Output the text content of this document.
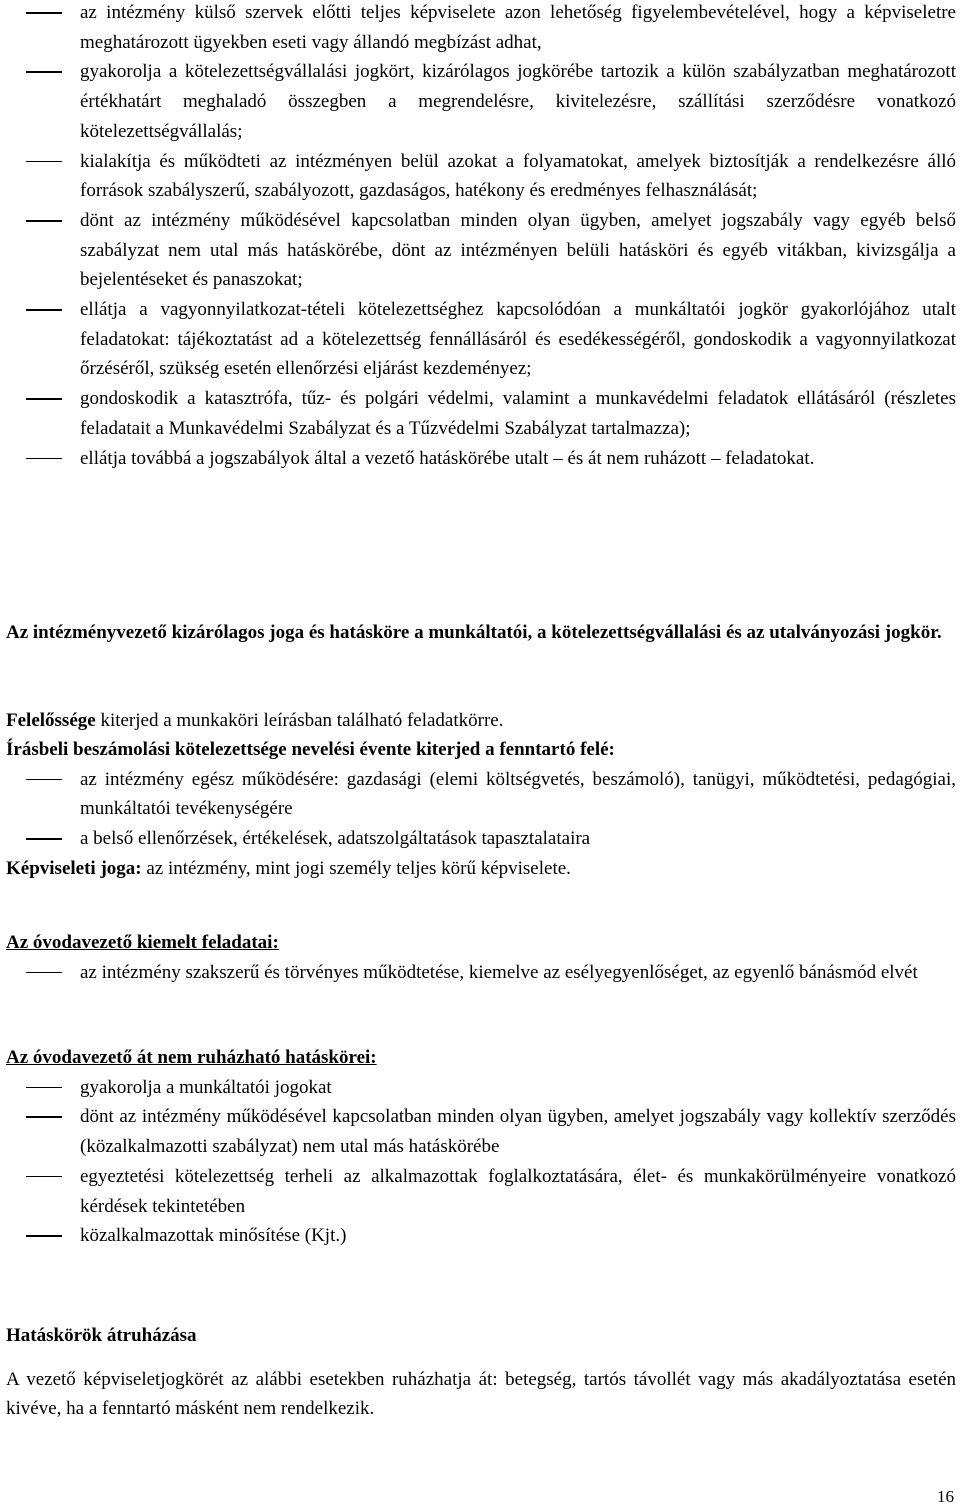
az intézmény külső szervek előtti teljes képviselete azon lehetőség figyelembevételével, hogy a képviseletre meghatározott ügyekben eseti vagy állandó megbízást adhat,
gyakorolja a kötelezettségvállalási jogkört, kizárólagos jogkörébe tartozik a külön szabályzatban meghatározott értékhatárt meghaladó összegben a megrendelésre, kivitelezésre, szállítási szerződésre vonatkozó kötelezettségvállalás;
kialakítja és működteti az intézményen belül azokat a folyamatokat, amelyek biztosítják a rendelkezésre álló források szabályszerű, szabályozott, gazdaságos, hatékony és eredményes felhasználását;
dönt az intézmény működésével kapcsolatban minden olyan ügyben, amelyet jogszabály vagy egyéb belső szabályzat nem utal más hatáskörébe, dönt az intézményen belüli hatásköri és egyéb vitákban, kivizsgálja a bejelentéseket és panaszokat;
ellátja a vagyonnyilatkozat-tételi kötelezettséghez kapcsolódóan a munkáltatói jogkör gyakorlójához utalt feladatokat: tájékoztatást ad a kötelezettség fennállásáról és esedékességéről, gondoskodik a vagyonnyilatkozat őrzéséről, szükség esetén ellenőrzési eljárást kezdeményez;
gondoskodik a katasztrófa, tűz- és polgári védelmi, valamint a munkavédelmi feladatok ellátásáról (részletes feladatait a Munkavédelmi Szabályzat és a Tűzvédelmi Szabályzat tartalmazza);
ellátja továbbá a jogszabályok által a vezető hatáskörébe utalt – és át nem ruházott – feladatokat.

Az intézményvezető kizárólagos joga és hatásköre a munkáltatói, a kötelezettségvállalási és az utalványozási jogkör.

Felelőssége kiterjed a munkaköri leírásban található feladatkörre.

Írásbeli beszámolási kötelezettsége nevelési évente kiterjed a fenntartó felé:

az intézmény egész működésére: gazdasági (elemi költségvetés, beszámoló), tanügyi, működtetési, pedagógiai, munkáltatói tevékenységére
a belső ellenőrzések, értékelések, adatszolgáltatások tapasztalataira

Képviseleti joga: az intézmény, mint jogi személy teljes körű képviselete.

Az óvodavezető kiemelt feladatai:

az intézmény szakszerű és törvényes működtetése, kiemelve az esélyegyenlőséget, az egyenlő bánásmód elvét

Az óvodavezető át nem ruházható hatáskörei:

gyakorolja a munkáltatói jogokat
dönt az intézmény működésével kapcsolatban minden olyan ügyben, amelyet jogszabály vagy kollektív szerződés (közalkalmazotti szabályzat) nem utal más hatáskörébe
egyeztetési kötelezettség terheli az alkalmazottak foglalkoztatására, élet- és munkakörülményeire vonatkozó kérdések tekintetében
közalkalmazottak minősítése (Kjt.)

Hatáskörök átruházása

A vezető képviseletjogkörét az alábbi esetekben ruházhatja át: betegség, tartós távollét vagy más akadályoztatása esetén kivéve, ha a fenntartó másként nem rendelkezik.

16
